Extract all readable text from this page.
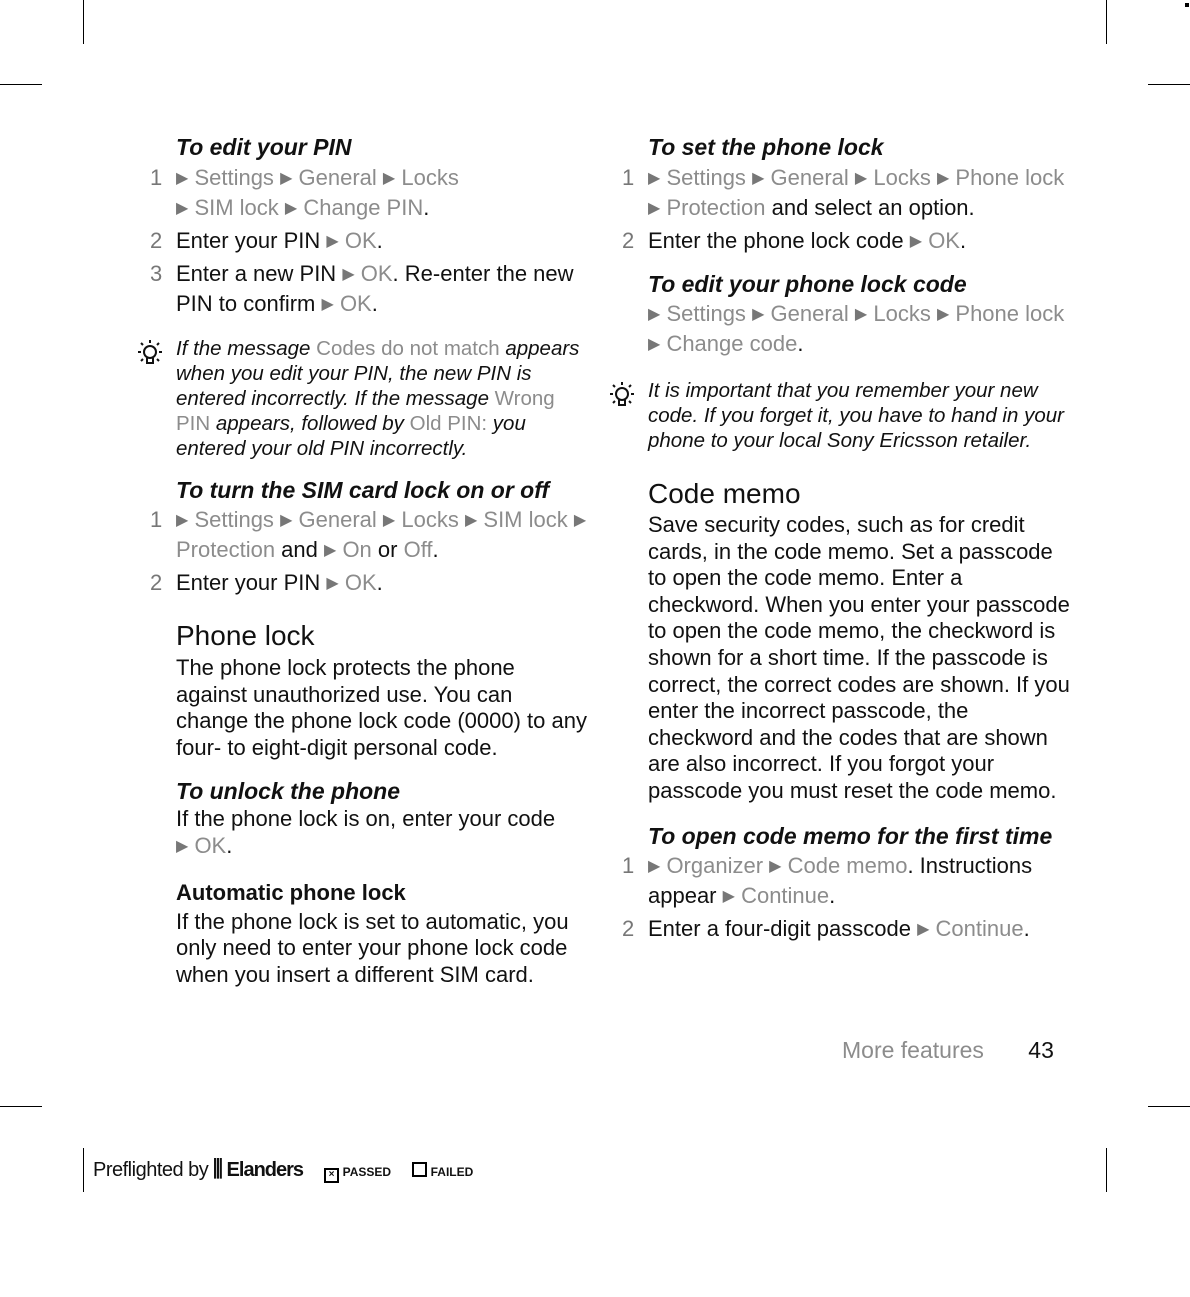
To edit your PIN

1 ▶ Settings ▶ General ▶ Locks
▶ SIM lock ▶ Change PIN.

2 Enter your PIN ▶ OK.

3 Enter a new PIN ▶ OK. Re-enter the new PIN to confirm ▶ OK.

If the message Codes do not match appears when you edit your PIN, the new PIN is entered incorrectly. If the message Wrong PIN appears, followed by Old PIN: you entered your old PIN incorrectly.
To turn the SIM card lock on or off

1 ▶ Settings ▶ General ▶ Locks ▶ SIM lock ▶ Protection and ▶ On or Off.

2 Enter your PIN ▶ OK.

Phone lock

The phone lock protects the phone against unauthorized use. You can change the phone lock code (0000) to any four- to eight-digit personal code.

To unlock the phone

If the phone lock is on, enter your code
▶ OK.

Automatic phone lock

If the phone lock is set to automatic, you only need to enter your phone lock code when you insert a different SIM card.

To set the phone lock

1 ▶ Settings ▶ General ▶ Locks ▶ Phone lock ▶ Protection and select an option.

2 Enter the phone lock code ▶ OK.

To edit your phone lock code

▶ Settings ▶ General ▶ Locks ▶ Phone lock ▶ Change code.

It is important that you remember your new code. If you forget it, you have to hand in your phone to your local Sony Ericsson retailer.
Code memo

Save security codes, such as for credit cards, in the code memo. Set a passcode to open the code memo. Enter a checkword. When you enter your passcode to open the code memo, the checkword is shown for a short time. If the passcode is correct, the correct codes are shown. If you enter the incorrect passcode, the checkword and the codes that are shown are also incorrect. If you forgot your passcode you must reset the code memo.

To open code memo for the first time

1 ▶ Organizer ▶ Code memo. Instructions appear ▶ Continue.

2 Enter a four-digit passcode ▶ Continue.

More features 43
Preflighted by ⫼ Elanders	× PASSED	FAILED
